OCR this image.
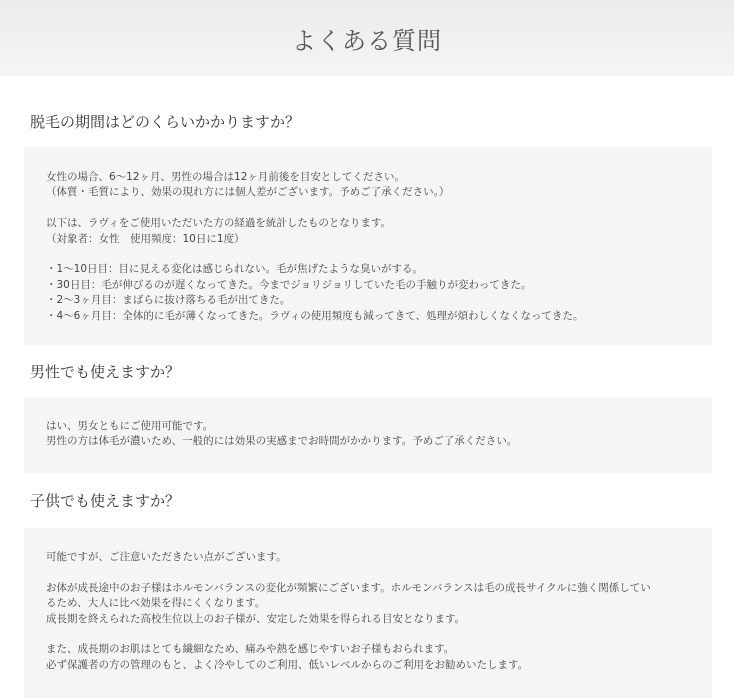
よくある質問
脱毛の期間はどのくらいかかりますか？
女性の場合、6〜12ヶ月、男性の場合は12ヶ月前後を目安としてください。
（体質・毛質により、効果の現れ方には個人差がございます。予めご了承ください。）
以下は、ラヴィをご使用いただいた方の経過を統計したものとなります。
（対象者：女性　使用頻度：10日に1度）
・1〜10日目：目に見える変化は感じられない。毛が焦げたような臭いがする。
・30日目：毛が伸びるのが遅くなってきた。今までジョリジョリしていた毛の手触りが変わってきた。
・2〜3ヶ月目：まばらに抜け落ちる毛が出てきた。
・4〜6ヶ月目：全体的に毛が薄くなってきた。ラヴィの使用頻度も減ってきて、処理が煩わしくなくなってきた。
男性でも使えますか？
はい、男女ともにご使用可能です。
男性の方は体毛が濃いため、一般的には効果の実感までお時間がかかります。予めご了承ください。
子供でも使えますか？
可能ですが、ご注意いただきたい点がございます。
お体が成長途中のお子様はホルモンバランスの変化が頻繁にございます。ホルモンバランスは毛の成長サイクルに強く関係してい
るため、大人に比べ効果を得にくくなります。
成長期を終えられた高校生位以上のお子様が、安定した効果を得られる目安となります。
また、成長期のお肌はとても繊細なため、痛みや熱を感じやすいお子様もおられます。
必ず保護者の方の管理のもと、よく冷やしてのご利用、低いレベルからのご利用をお勧めいたします。
